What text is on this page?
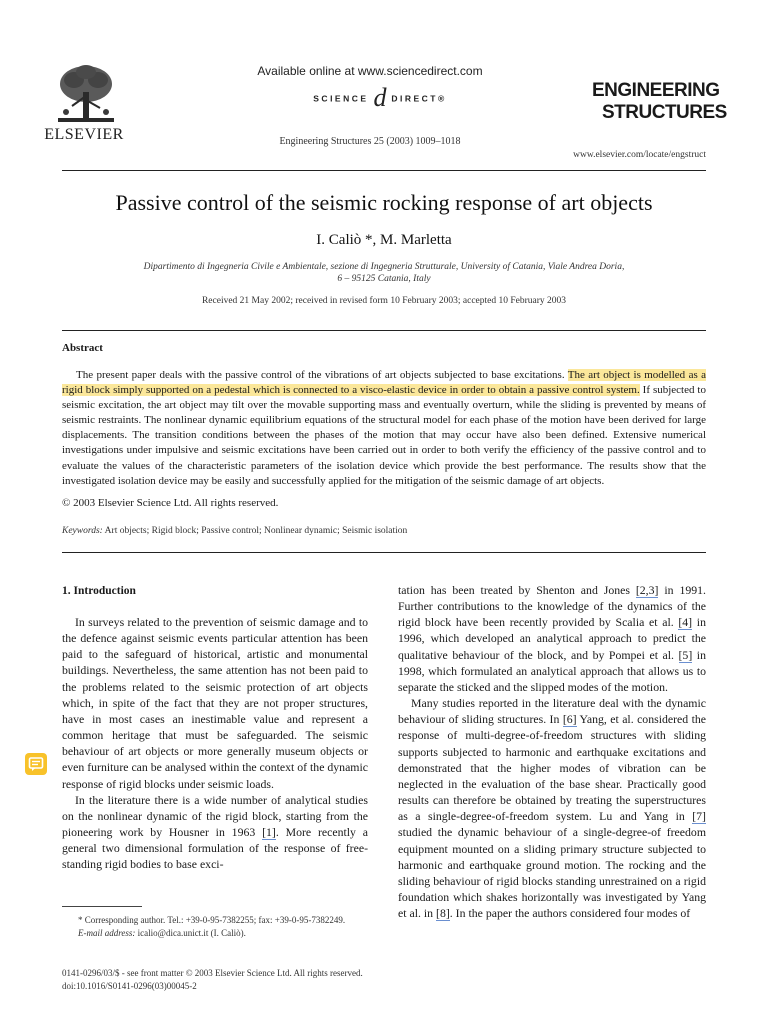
ELSEVIER
Available online at www.sciencedirect.com
SCIENCE d DIRECT®
Engineering Structures 25 (2003) 1009–1018
ENGINEERING
STRUCTURES
www.elsevier.com/locate/engstruct
Passive control of the seismic rocking response of art objects
I. Caliò *, M. Marletta
Dipartimento di Ingegneria Civile e Ambientale, sezione di Ingegneria Strutturale, University of Catania, Viale Andrea Doria,
6 – 95125 Catania, Italy
Received 21 May 2002; received in revised form 10 February 2003; accepted 10 February 2003
Abstract
The present paper deals with the passive control of the vibrations of art objects subjected to base excitations. The art object is modelled as a rigid block simply supported on a pedestal which is connected to a visco-elastic device in order to obtain a passive control system. If subjected to seismic excitation, the art object may tilt over the movable supporting mass and eventually overturn, while the sliding is prevented by means of seismic restraints. The nonlinear dynamic equilibrium equations of the structural model for each phase of the motion have been derived for large displacements. The transition conditions between the phases of the motion that may occur have also been defined. Extensive numerical investigations under impulsive and seismic excitations have been carried out in order to both verify the efficiency of the passive control and to evaluate the values of the characteristic parameters of the isolation device which provide the best performance. The results show that the investigated isolation device may be easily and successfully applied for the mitigation of the seismic damage of art objects.
© 2003 Elsevier Science Ltd. All rights reserved.
Keywords: Art objects; Rigid block; Passive control; Nonlinear dynamic; Seismic isolation
1. Introduction

In surveys related to the prevention of seismic damage and to the defence against seismic events particular attention has been paid to the safeguard of historical, artistic and monumental buildings. Nevertheless, the same attention has not been paid to the problems related to the seismic protection of art objects which, in spite of the fact that they are not proper structures, have in most cases an inestimable value and represent a common heritage that must be safeguarded. The seismic behaviour of art objects or more generally museum objects or even furniture can be analysed within the context of the dynamic response of rigid blocks under seismic loads.

In the literature there is a wide number of analytical studies on the nonlinear dynamic of the rigid block, starting from the pioneering work by Housner in 1963 [1]. More recently a general two dimensional formulation of the response of free-standing rigid bodies to base exci-

tation has been treated by Shenton and Jones [2,3] in 1991. Further contributions to the knowledge of the dynamics of the rigid block have been recently provided by Scalia et al. [4] in 1996, which developed an analytical approach to predict the qualitative behaviour of the block, and by Pompei et al. [5] in 1998, which formulated an analytical approach that allows us to separate the sticked and the slipped modes of the motion.

Many studies reported in the literature deal with the dynamic behaviour of sliding structures. In [6] Yang, et al. considered the response of multi-degree-of-freedom structures with sliding supports subjected to harmonic and earthquake excitations and demonstrated that the higher modes of vibration can be neglected in the evaluation of the base shear. Practically good results can therefore be obtained by treating the superstructures as a single-degree-of-freedom system. Lu and Yang in [7] studied the dynamic behaviour of a single-degree-of freedom equipment mounted on a sliding primary structure subjected to harmonic and earthquake ground motion. The rocking and the sliding behaviour of rigid blocks standing unrestrained on a rigid foundation which shakes horizontally was investigated by Yang et al. in [8]. In the paper the authors considered four modes of

* Corresponding author. Tel.: +39-0-95-7382255; fax: +39-0-95-7382249.
E-mail address: icalio@dica.unict.it (I. Caliò).
0141-0296/03/$ - see front matter © 2003 Elsevier Science Ltd. All rights reserved.
doi:10.1016/S0141-0296(03)00045-2
